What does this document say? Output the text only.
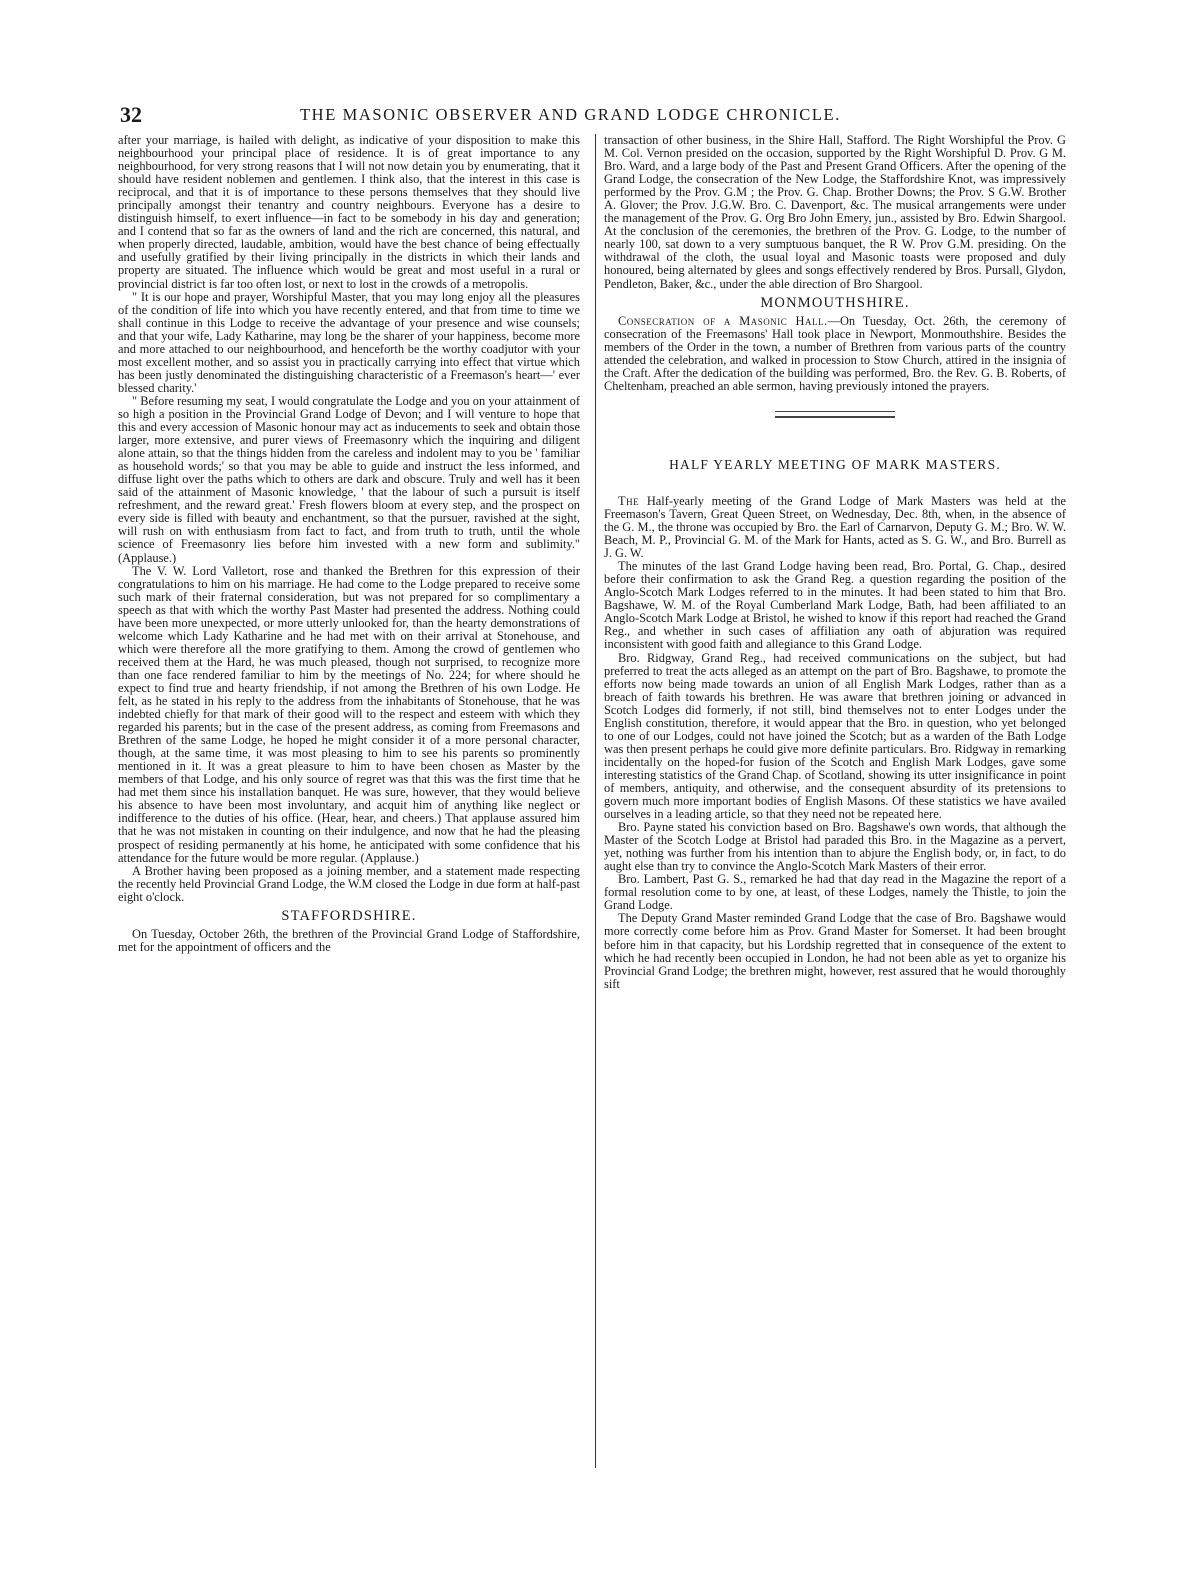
32	THE MASONIC OBSERVER AND GRAND LODGE CHRONICLE.

after your marriage, is hailed with delight, as indicative of your disposition to make this neighbourhood your principal place of residence. It is of great importance to any neighbourhood, for very strong reasons that I will not now detain you by enumerating, that it should have resident noblemen and gentlemen. I think also, that the interest in this case is reciprocal, and that it is of importance to these persons themselves that they should live principally amongst their tenantry and country neighbours. Everyone has a desire to distinguish himself, to exert influence—in fact to be somebody in his day and generation; and I contend that so far as the owners of land and the rich are concerned, this natural, and when properly directed, laudable, ambition, would have the best chance of being effectually and usefully gratified by their living principally in the districts in which their lands and property are situated. The influence which would be great and most useful in a rural or provincial district is far too often lost, or next to lost in the crowds of a metropolis.

" It is our hope and prayer, Worshipful Master, that you may long enjoy all the pleasures of the condition of life into which you have recently entered, and that from time to time we shall continue in this Lodge to receive the advantage of your presence and wise counsels; and that your wife, Lady Katharine, may long be the sharer of your happiness, become more and more attached to our neighbourhood, and henceforth be the worthy coadjutor with your most excellent mother, and so assist you in practically carrying into effect that virtue which has been justly denominated the distinguishing characteristic of a Freemason's heart—' ever blessed charity.'

" Before resuming my seat, I would congratulate the Lodge and you on your attainment of so high a position in the Provincial Grand Lodge of Devon; and I will venture to hope that this and every accession of Masonic honour may act as inducements to seek and obtain those larger, more extensive, and purer views of Freemasonry which the inquiring and diligent alone attain, so that the things hidden from the careless and indolent may to you be ' familiar as household words;' so that you may be able to guide and instruct the less informed, and diffuse light over the paths which to others are dark and obscure. Truly and well has it been said of the attainment of Masonic knowledge, ' that the labour of such a pursuit is itself refreshment, and the reward great.' Fresh flowers bloom at every step, and the prospect on every side is filled with beauty and enchantment, so that the pursuer, ravished at the sight, will rush on with enthusiasm from fact to fact, and from truth to truth, until the whole science of Freemasonry lies before him invested with a new form and sublimity." (Applause.)

The V. W. Lord Valletort, rose and thanked the Brethren for this expression of their congratulations to him on his marriage. He had come to the Lodge prepared to receive some such mark of their fraternal consideration, but was not prepared for so complimentary a speech as that with which the worthy Past Master had presented the address. Nothing could have been more unexpected, or more utterly unlooked for, than the hearty demonstrations of welcome which Lady Katharine and he had met with on their arrival at Stonehouse, and which were therefore all the more gratifying to them. Among the crowd of gentlemen who received them at the Hard, he was much pleased, though not surprised, to recognize more than one face rendered familiar to him by the meetings of No. 224; for where should he expect to find true and hearty friendship, if not among the Brethren of his own Lodge. He felt, as he stated in his reply to the address from the inhabitants of Stonehouse, that he was indebted chiefly for that mark of their good will to the respect and esteem with which they regarded his parents; but in the case of the present address, as coming from Freemasons and Brethren of the same Lodge, he hoped he might consider it of a more personal character, though, at the same time, it was most pleasing to him to see his parents so prominently mentioned in it. It was a great pleasure to him to have been chosen as Master by the members of that Lodge, and his only source of regret was that this was the first time that he had met them since his installation banquet. He was sure, however, that they would believe his absence to have been most involuntary, and acquit him of anything like neglect or indifference to the duties of his office. (Hear, hear, and cheers.) That applause assured him that he was not mistaken in counting on their indulgence, and now that he had the pleasing prospect of residing permanently at his home, he anticipated with some confidence that his attendance for the future would be more regular. (Applause.)

A Brother having been proposed as a joining member, and a statement made respecting the recently held Provincial Grand Lodge, the W.M closed the Lodge in due form at half-past eight o'clock.

STAFFORDSHIRE.

On Tuesday, October 26th, the brethren of the Provincial Grand Lodge of Staffordshire, met for the appointment of officers and the

transaction of other business, in the Shire Hall, Stafford. The Right Worshipful the Prov. G M. Col. Vernon presided on the occasion, supported by the Right Worshipful D. Prov. G M. Bro. Ward, and a large body of the Past and Present Grand Officers. After the opening of the Grand Lodge, the consecration of the New Lodge, the Staffordshire Knot, was impressively performed by the Prov. G.M ; the Prov. G. Chap. Brother Downs; the Prov. S G.W. Brother A. Glover; the Prov. J.G.W. Bro. C. Davenport, &c. The musical arrangements were under the management of the Prov. G. Org Bro John Emery, jun., assisted by Bro. Edwin Shargool. At the conclusion of the ceremonies, the brethren of the Prov. G. Lodge, to the number of nearly 100, sat down to a very sumptuous banquet, the R W. Prov G.M. presiding. On the withdrawal of the cloth, the usual loyal and Masonic toasts were proposed and duly honoured, being alternated by glees and songs effectively rendered by Bros. Pursall, Glydon, Pendleton, Baker, &c., under the able direction of Bro Shargool.

MONMOUTHSHIRE.

Consecration of a Masonic Hall.—On Tuesday, Oct. 26th, the ceremony of consecration of the Freemasons' Hall took place in Newport, Monmouthshire. Besides the members of the Order in the town, a number of Brethren from various parts of the country attended the celebration, and walked in procession to Stow Church, attired in the insignia of the Craft. After the dedication of the building was performed, Bro. the Rev. G. B. Roberts, of Cheltenham, preached an able sermon, having previously intoned the prayers.

HALF YEARLY MEETING OF MARK MASTERS.

The Half-yearly meeting of the Grand Lodge of Mark Masters was held at the Freemason's Tavern, Great Queen Street, on Wednesday, Dec. 8th, when, in the absence of the G. M., the throne was occupied by Bro. the Earl of Carnarvon, Deputy G. M.; Bro. W. W. Beach, M. P., Provincial G. M. of the Mark for Hants, acted as S. G. W., and Bro. Burrell as J. G. W.

The minutes of the last Grand Lodge having been read, Bro. Portal, G. Chap., desired before their confirmation to ask the Grand Reg. a question regarding the position of the Anglo-Scotch Mark Lodges referred to in the minutes. It had been stated to him that Bro. Bagshawe, W. M. of the Royal Cumberland Mark Lodge, Bath, had been affiliated to an Anglo-Scotch Mark Lodge at Bristol, he wished to know if this report had reached the Grand Reg., and whether in such cases of affiliation any oath of abjuration was required inconsistent with good faith and allegiance to this Grand Lodge.

Bro. Ridgway, Grand Reg., had received communications on the subject, but had preferred to treat the acts alleged as an attempt on the part of Bro. Bagshawe, to promote the efforts now being made towards an union of all English Mark Lodges, rather than as a breach of faith towards his brethren. He was aware that brethren joining or advanced in Scotch Lodges did formerly, if not still, bind themselves not to enter Lodges under the English constitution, therefore, it would appear that the Bro. in question, who yet belonged to one of our Lodges, could not have joined the Scotch; but as a warden of the Bath Lodge was then present perhaps he could give more definite particulars. Bro. Ridgway in remarking incidentally on the hoped-for fusion of the Scotch and English Mark Lodges, gave some interesting statistics of the Grand Chap. of Scotland, showing its utter insignificance in point of members, antiquity, and otherwise, and the consequent absurdity of its pretensions to govern much more important bodies of English Masons. Of these statistics we have availed ourselves in a leading article, so that they need not be repeated here.

Bro. Payne stated his conviction based on Bro. Bagshawe's own words, that although the Master of the Scotch Lodge at Bristol had paraded this Bro. in the Magazine as a pervert, yet, nothing was further from his intention than to abjure the English body, or, in fact, to do aught else than try to convince the Anglo-Scotch Mark Masters of their error.

Bro. Lambert, Past G. S., remarked he had that day read in the Magazine the report of a formal resolution come to by one, at least, of these Lodges, namely the Thistle, to join the Grand Lodge.

The Deputy Grand Master reminded Grand Lodge that the case of Bro. Bagshawe would more correctly come before him as Prov. Grand Master for Somerset. It had been brought before him in that capacity, but his Lordship regretted that in consequence of the extent to which he had recently been occupied in London, he had not been able as yet to organize his Provincial Grand Lodge; the brethren might, however, rest assured that he would thoroughly sift
